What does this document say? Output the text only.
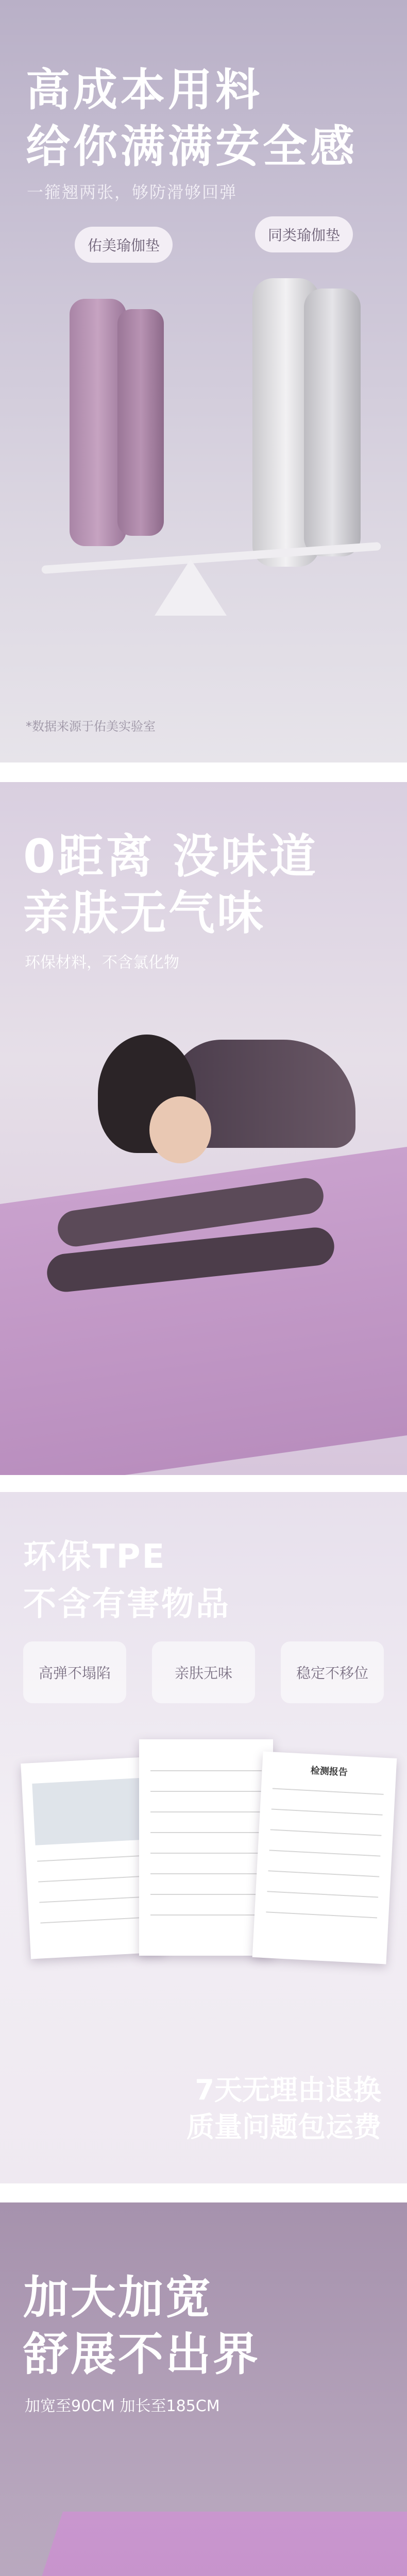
高成本用料
给你满满安全感
一箍翘两张，够防滑够回弹
佑美瑜伽垫
同类瑜伽垫
*数据来源于佑美实验室
0距离 没味道
亲肤无气味
环保材料，不含氯化物
环保TPE
不含有害物品
高弹不塌陷	亲肤无味	稳定不移位
检测报告
7天无理由退换
质量问题包运费
加大加宽
舒展不出界
加宽至90CM 加长至185CM
